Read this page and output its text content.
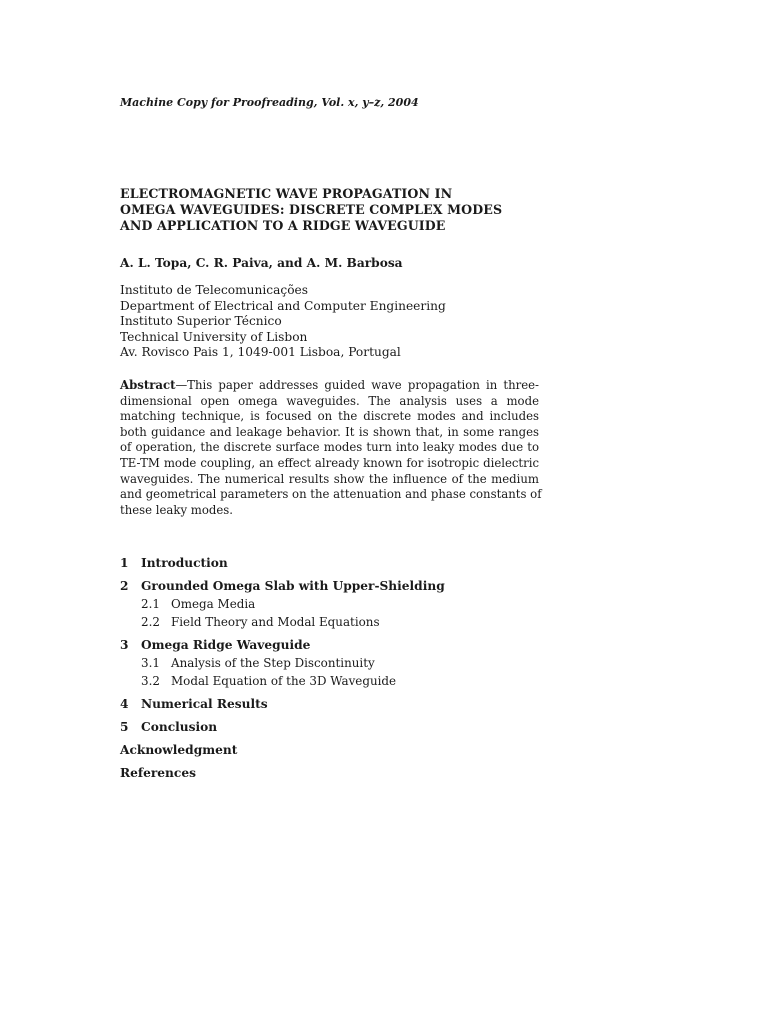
Machine Copy for Proofreading, Vol. x, y–z, 2004
ELECTROMAGNETIC WAVE PROPAGATION IN
OMEGA WAVEGUIDES: DISCRETE COMPLEX MODES
AND APPLICATION TO A RIDGE WAVEGUIDE
A. L. Topa, C. R. Paiva, and A. M. Barbosa
Instituto de Telecomunicações
Department of Electrical and Computer Engineering
Instituto Superior Técnico
Technical University of Lisbon
Av. Rovisco Pais 1, 1049-001 Lisboa, Portugal
Abstract—This paper addresses guided wave propagation in three-
dimensional open omega waveguides. The analysis uses a mode
matching technique, is focused on the discrete modes and includes
both guidance and leakage behavior. It is shown that, in some ranges
of operation, the discrete surface modes turn into leaky modes due to
TE-TM mode coupling, an effect already known for isotropic dielectric
waveguides. The numerical results show the influence of the medium
and geometrical parameters on the attenuation and phase constants of
these leaky modes.
1	Introduction
2	Grounded Omega Slab with Upper-Shielding
2.1 Omega Media
2.2 Field Theory and Modal Equations
3	Omega Ridge Waveguide
3.1 Analysis of the Step Discontinuity
3.2 Modal Equation of the 3D Waveguide
4	Numerical Results
5	Conclusion
Acknowledgment
References
